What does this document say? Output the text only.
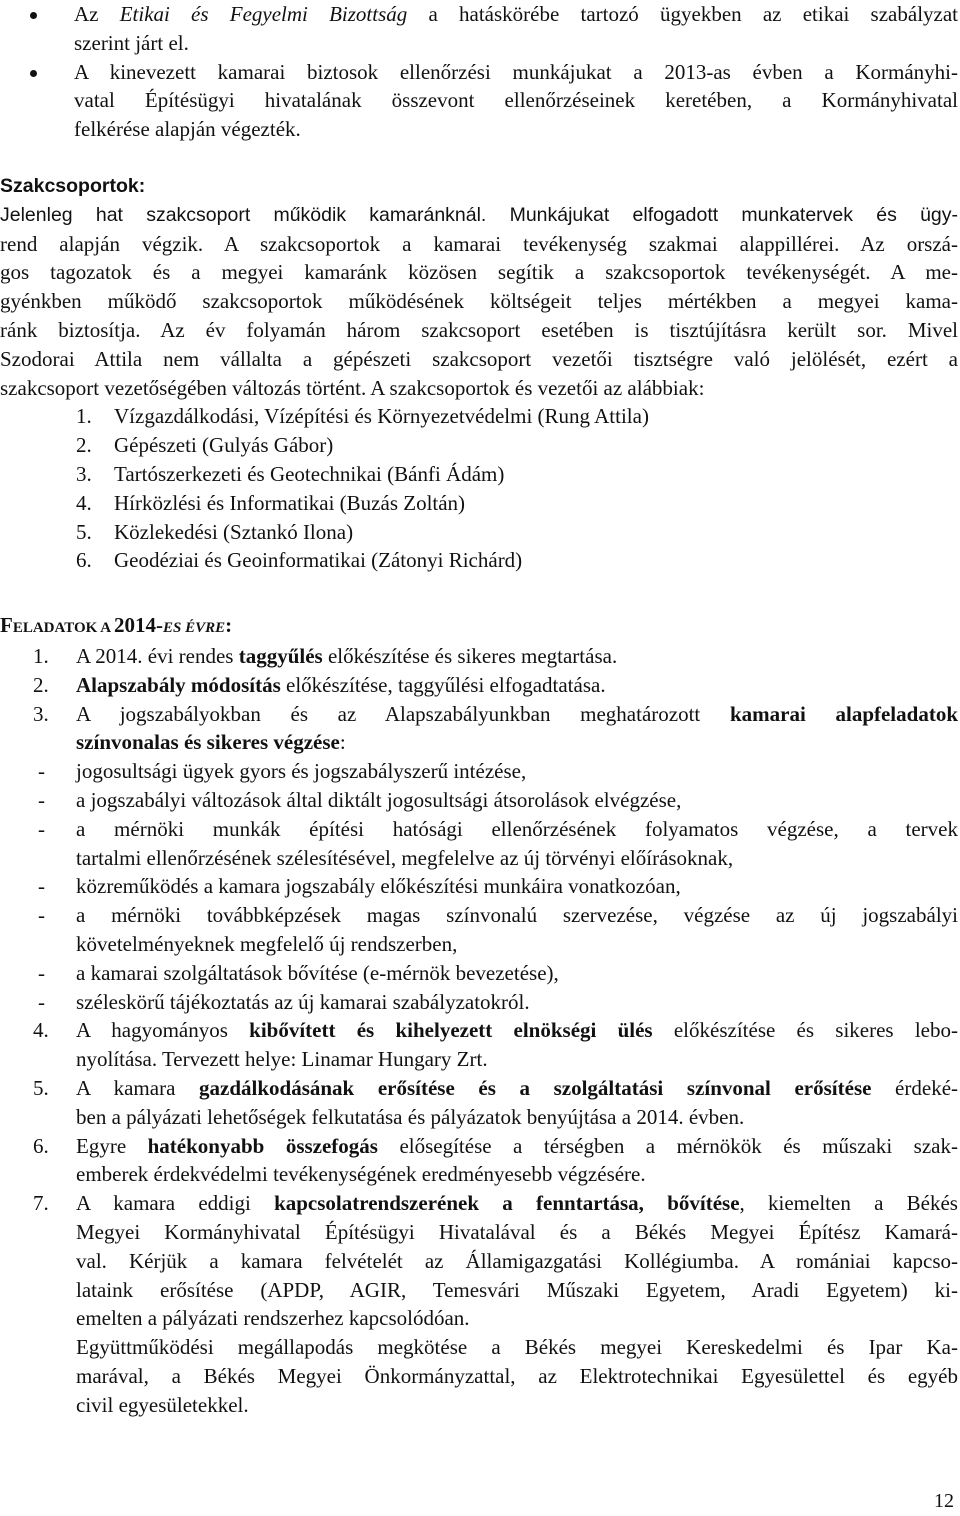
Az Etikai és Fegyelmi Bizottság a hatáskörébe tartozó ügyekben az etikai szabályzat
szerint járt el.
A kinevezett kamarai biztosok ellenőrzési munkájukat a 2013-as évben a Kormányhi-
vatal Építésügyi hivatalának összevont ellenőrzéseinek keretében, a Kormányhivatal
felkérése alapján végezték.
Szakcsoportok:
Jelenleg hat szakcsoport működik kamaránknál. Munkájukat elfogadott munkatervek és ügy-
rend alapján végzik. A szakcsoportok a kamarai tevékenység szakmai alappillérei. Az orszá-
gos tagozatok és a megyei kamaránk közösen segítik a szakcsoportok tevékenységét. A me-
gyénkben működő szakcsoportok működésének költségeit teljes mértékben a megyei kama-
ránk biztosítja. Az év folyamán három szakcsoport esetében is tisztújításra került sor. Mivel
Szodorai Attila nem vállalta a gépészeti szakcsoport vezetői tisztségre való jelölését, ezért a
szakcsoport vezetőségében változás történt. A szakcsoportok és vezetői az alábbiak:
1. Vízgazdálkodási, Vízépítési és Környezetvédelmi (Rung Attila)
2. Gépészeti (Gulyás Gábor)
3. Tartószerkezeti és Geotechnikai (Bánfi Ádám)
4. Hírközlési és Informatikai (Buzás Zoltán)
5. Közlekedési (Sztankó Ilona)
6. Geodéziai és Geoinformatikai (Zátonyi Richárd)
FELADATOK A 2014-ES ÉVRE:
1. A 2014. évi rendes taggyűlés előkészítése és sikeres megtartása.
2. Alapszabály módosítás előkészítése, taggyűlési elfogadtatása.
3. A jogszabályokban és az Alapszabályunkban meghatározott kamarai alapfeladatok
színvonalas és sikeres végzése:
- jogosultsági ügyek gyors és jogszabályszerű intézése,
- a jogszabályi változások által diktált jogosultsági átsorolások elvégzése,
- a mérnöki munkák építési hatósági ellenőrzésének folyamatos végzése, a tervek
tartalmi ellenőrzésének szélesítésével, megfelelve az új törvényi előírásoknak,
- közreműködés a kamara jogszabály előkészítési munkáira vonatkozóan,
- a mérnöki továbbképzések magas színvonalú szervezése, végzése az új jogszabályi
követelményeknek megfelelő új rendszerben,
- a kamarai szolgáltatások bővítése (e-mérnök bevezetése),
- széleskörű tájékoztatás az új kamarai szabályzatokról.
4. A hagyományos kibővített és kihelyezett elnökségi ülés előkészítése és sikeres lebo-
nyolítása. Tervezett helye: Linamar Hungary Zrt.
5. A kamara gazdálkodásának erősítése és a szolgáltatási színvonal erősítése érdeké-
ben a pályázati lehetőségek felkutatása és pályázatok benyújtása a 2014. évben.
6. Egyre hatékonyabb összefogás elősegítése a térségben a mérnökök és műszaki szak-
emberek érdekvédelmi tevékenységének eredményesebb végzésére.
7. A kamara eddigi kapcsolatrendszerének a fenntartása, bővítése, kiemelten a Békés
Megyei Kormányhivatal Építésügyi Hivatalával és a Békés Megyei Építész Kamará-
val. Kérjük a kamara felvételét az Államigazgatási Kollégiumba. A romániai kapcso-
lataink erősítése (APDP, AGIR, Temesvári Műszaki Egyetem, Aradi Egyetem) ki-
emelten a pályázati rendszerhez kapcsolódóan.
Együttműködési megállapodás megkötése a Békés megyei Kereskedelmi és Ipar Ka-
marával, a Békés Megyei Önkormányzattal, az Elektrotechnikai Egyesülettel és egyéb
civil egyesületekkel.
12
